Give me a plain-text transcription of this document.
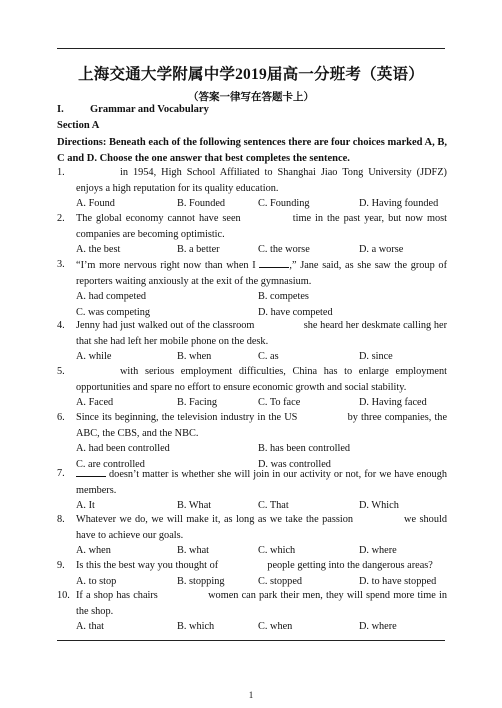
上海交通大学附属中学2019届高一分班考（英语）
（答案一律写在答题卡上）
I.	Grammar and Vocabulary
Section A
Directions: Beneath each of the following sentences there are four choices marked A, B, C and D. Choose the one answer that best completes the sentence.
1.	in 1954, High School Affiliated to Shanghai Jiao Tong University (JDFZ) enjoys a high reputation for its quality education.
A. Found	B. Founded	C. Founding	D. Having founded
2. The global economy cannot have seen	time in the past year, but now most companies are becoming optimistic.
A. the best	B. a better	C. the worse	D. a worse
3. “I’m more nervous right now than when I	,” Jane said, as she saw the group of reporters waiting anxiously at the exit of the gymnasium.
A. had competed	B. competes
C. was competing	D. have competed
4. Jenny had just walked out of the classroom	she heard her deskmate calling her that she had left her mobile phone on the desk.
A. while	B. when	C. as	D. since
5.	with serious employment difficulties, China has to enlarge employment opportunities and spare no effort to ensure economic growth and social stability.
A. Faced	B. Facing	C. To face	D. Having faced
6. Since its beginning, the television industry in the US	by three companies, the ABC, the CBS, and the NBC.
A. had been controlled	B. has been controlled
C. are controlled	D. was controlled
7.	doesn’t matter is whether she will join in our activity or not, for we have enough members.
A. It	B. What	C. That	D. Which
8. Whatever we do, we will make it, as long as we take the passion	we should have to achieve our goals.
A. when	B. what	C. which	D. where
9. Is this the best way you thought of	people getting into the dangerous areas?
A. to stop	B. stopping	C. stopped	D. to have stopped
10. If a shop has chairs	women can park their men, they will spend more time in the shop.
A. that	B. which	C. when	D. where
1
